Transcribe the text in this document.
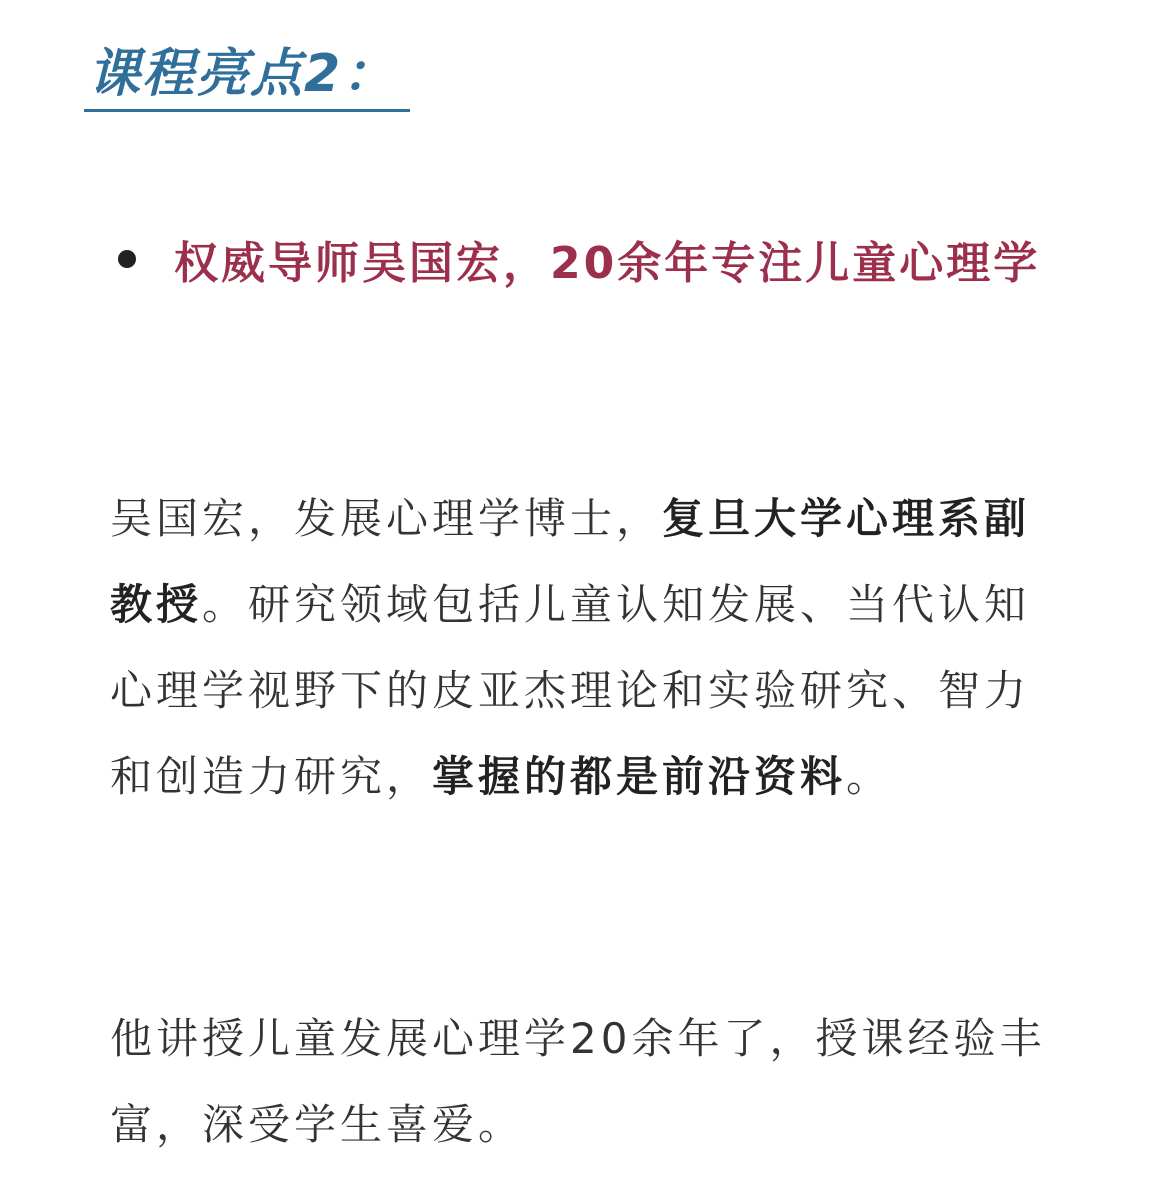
课程亮点2：
权威导师吴国宏，20余年专注儿童心理学

吴国宏，发展心理学博士，复旦大学心理系副教授。研究领域包括儿童认知发展、当代认知心理学视野下的皮亚杰理论和实验研究、智力和创造力研究，掌握的都是前沿资料。

他讲授儿童发展心理学20余年了，授课经验丰富，深受学生喜爱。
